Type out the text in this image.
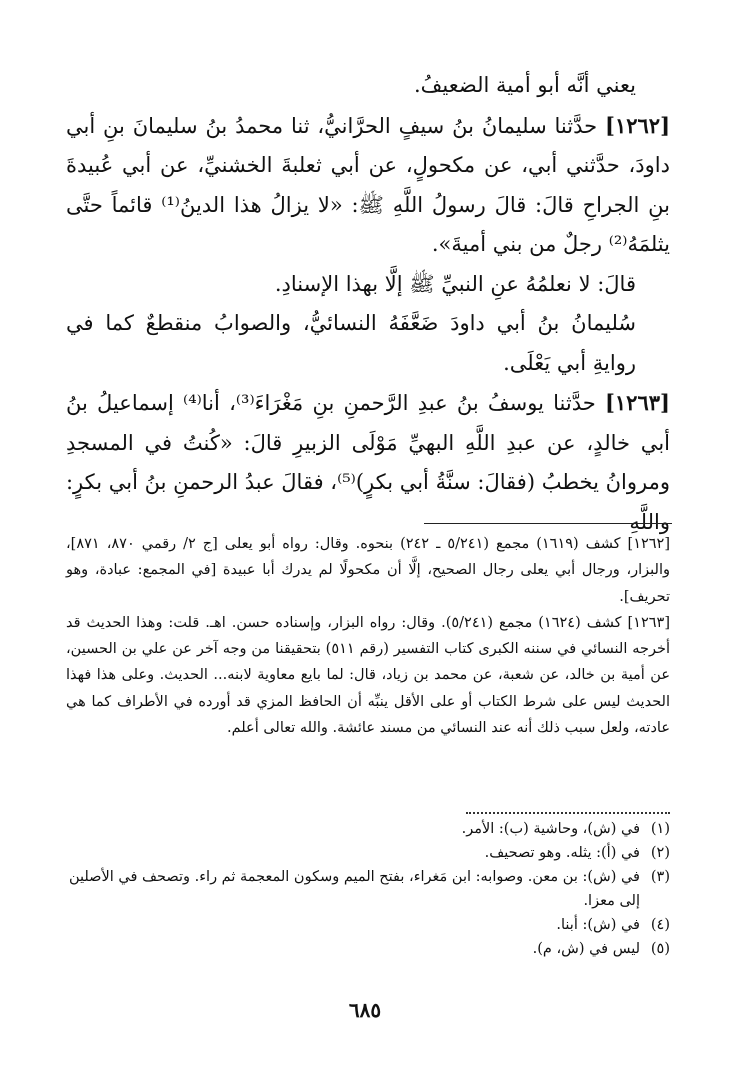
يعني أنَّه أبو أمية الضعيفُ.

[١٢٦٢] حدَّثنا سليمانُ بنُ سيفٍ الحرَّانيُّ، ثنا محمدُ بنُ سليمانَ بنِ أبي داودَ، حدَّثني أبي، عن مكحولٍ، عن أبي ثعلبةَ الخشنيِّ، عن أبي عُبيدةَ بنِ الجراحِ قالَ: قالَ رسولُ اللَّهِ ﷺ: «لا يزالُ هذا الدينُ⁽¹⁾ قائماً حتَّى يثلمَهُ⁽²⁾ رجلٌ من بني أميةَ».

قالَ: لا نعلمُهُ عنِ النبيِّ ﷺ إلَّا بهذا الإسنادِ.

سُليمانُ بنُ أبي داودَ ضَعَّفَهُ النسائيُّ، والصوابُ منقطعٌ كما في روايةِ أبي يَعْلَى.

[١٢٦٣] حدَّثنا يوسفُ بنُ عبدِ الرَّحمنِ بنِ مَغْرَاءَ⁽³⁾، أنا⁽⁴⁾ إسماعيلُ بنُ أبي خالدٍ، عن عبدِ اللَّهِ البهيِّ مَوْلَى الزبيرِ قالَ: «كُنتُ في المسجدِ ومروانُ يخطبُ (فقالَ: سنَّةُ أبي بكرٍ)⁽⁵⁾، فقالَ عبدُ الرحمنِ بنُ أبي بكرٍ: واللَّهِ

[١٢٦٢] كشف (١٦١٩) مجمع (٥/٢٤١ ـ ٢٤٢) بنحوه. وقال: رواه أبو يعلى [ج ٢/ رقمي ٨٧٠، ٨٧١]، والبزار، ورجال أبي يعلى رجال الصحيح، إلَّا أن مكحولًا لم يدرك أبا عبيدة [في المجمع: عبادة، وهو تحريف].

[١٢٦٣] كشف (١٦٢٤) مجمع (٥/٢٤١). وقال: رواه البزار، وإسناده حسن. اهـ. قلت: وهذا الحديث قد أخرجه النسائي في سننه الكبرى كتاب التفسير (رقم ٥١١) بتحقيقنا من وجه آخر عن علي بن الحسين، عن أمية بن خالد، عن شعبة، عن محمد بن زياد، قال: لما بايع معاوية لابنه... الحديث. وعلى هذا فهذا الحديث ليس على شرط الكتاب أو على الأقل ينبِّه أن الحافظ المزي قد أورده في الأطراف كما هي عادته، ولعل سبب ذلك أنه عند النسائي من مسند عائشة. والله تعالى أعلم.

(١)
في (ش)، وحاشية (ب): الأمر.

(٢)
في (أ): يثله. وهو تصحيف.

(٣)
في (ش): بن معن. وصوابه: ابن مَغراء، بفتح الميم وسكون المعجمة ثم راء. وتصحف في الأصلين إلى معزا.

(٤)
في (ش): أبنا.

(٥)
ليس في (ش، م).

٦٨٥
